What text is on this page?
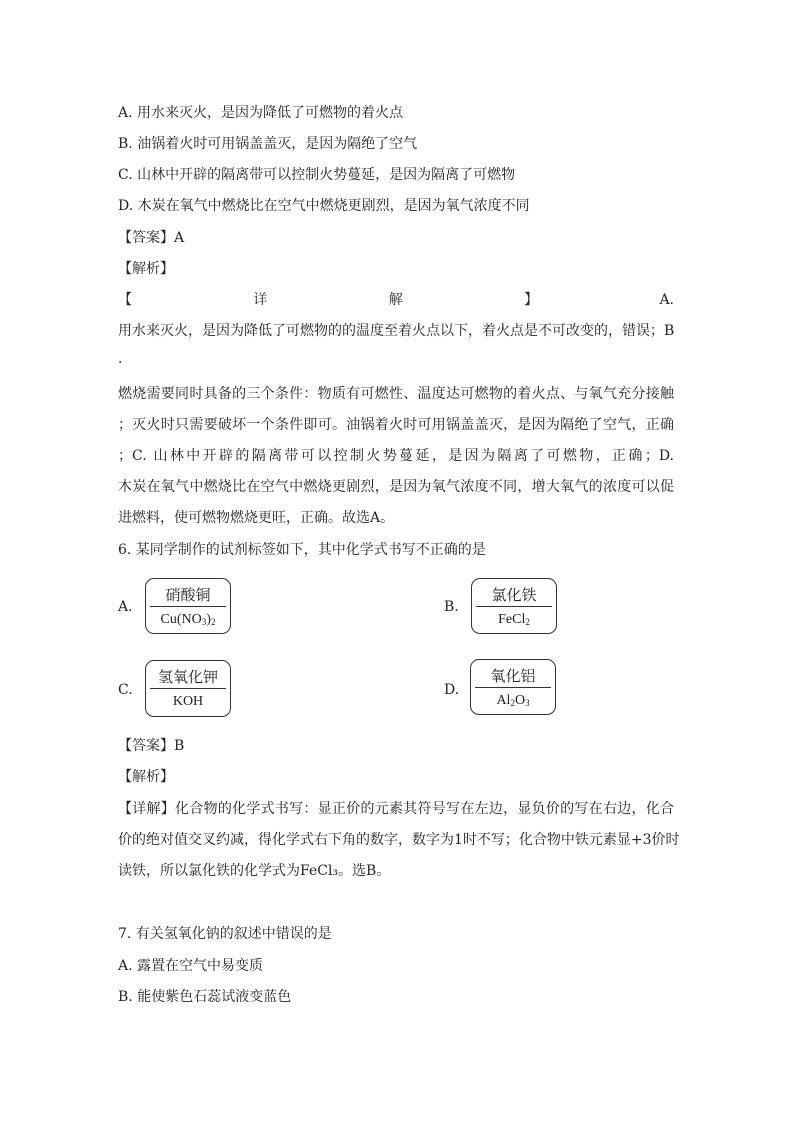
A. 用水来灭火，是因为降低了可燃物的着火点
B. 油锅着火时可用锅盖盖灭，是因为隔绝了空气
C. 山林中开辟的隔离带可以控制火势蔓延，是因为隔离了可燃物
D. 木炭在氧气中燃烧比在空气中燃烧更剧烈，是因为氧气浓度不同
【答案】A
【解析】
【	详	解	】	A.
用水来灭火，是因为降低了可燃物的的温度至着火点以下，着火点是不可改变的，错误；B
.
燃烧需要同时具备的三个条件：物质有可燃性、温度达可燃物的着火点、与氧气充分接触
；灭火时只需要破坏一个条件即可。油锅着火时可用锅盖盖灭，是因为隔绝了空气，正确
；C. 山林中开辟的隔离带可以控制火势蔓延，是因为隔离了可燃物，正确；D.
木炭在氧气中燃烧比在空气中燃烧更剧烈，是因为氧气浓度不同，增大氧气的浓度可以促
进燃料，使可燃物燃烧更旺，正确。故选A。
6. 某同学制作的试剂标签如下，其中化学式书写不正确的是
A.
硝酸铜
$Cu(NO_3)_2$
B.
氯化铁
FeCl$_2$
C.
氢氧化钾
KOH
D.
氧化铝
$Al_2O_3$
【答案】B
【解析】
【详解】化合物的化学式书写：显正价的元素其符号写在左边，显负价的写在右边，化合
价的绝对值交叉约减，得化学式右下角的数字，数字为1时不写；化合物中铁元素显+3价时
读铁，所以氯化铁的化学式为FeCl₃。选B。
7. 有关氢氧化钠的叙述中错误的是
A. 露置在空气中易变质
B. 能使紫色石蕊试液变蓝色
